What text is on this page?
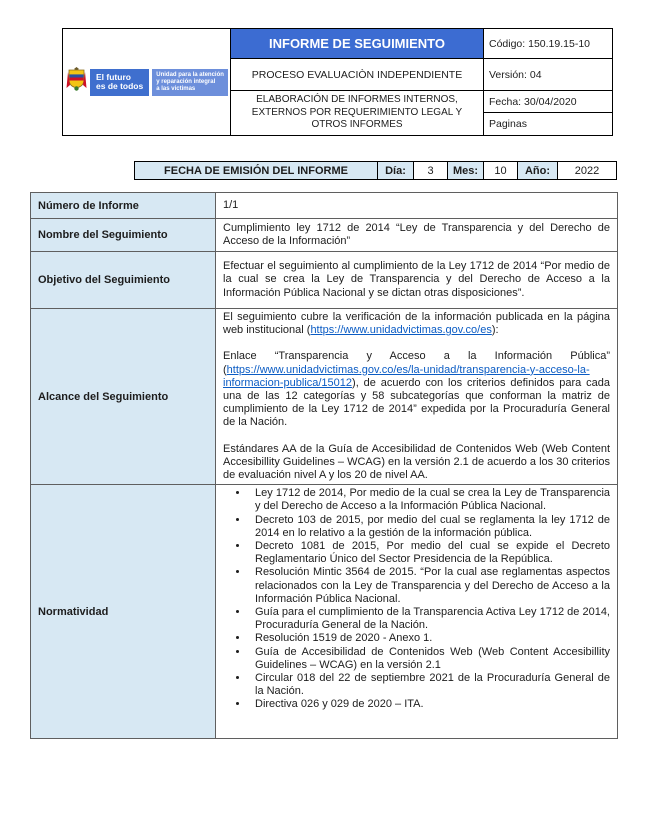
El futuro
es de todos
Unidad para la atención
y reparación integral
a las victimas	INFORME DE SEGUIMIENTO	Código: 150.19.15-10
	PROCESO EVALUACIÒN INDEPENDIENTE	Versión: 04
	ELABORACIÓN DE INFORMES INTERNOS, EXTERNOS POR REQUERIMIENTO LEGAL Y OTROS INFORMES	Fecha: 30/04/2020
		Paginas
FECHA DE EMISIÓN DEL INFORME	Día:	3	Mes:	10	Año:	2022
Número de Informe	1/1
Nombre del Seguimiento	Cumplimiento ley 1712 de 2014 “Ley de Transparencia y del Derecho de Acceso de la Información”
Objetivo del Seguimiento	Efectuar el seguimiento al cumplimiento de la Ley 1712 de 2014 “Por medio de la cual se crea la Ley de Transparencia y del Derecho de Acceso a la Información Pública Nacional y se dictan otras disposiciones”.
Alcance del Seguimiento	El seguimiento cubre la verificación de la información publicada en la página web institucional (https://www.unidadvictimas.gov.co/es):

Enlace “Transparencia y Acceso a la Información Pública” (https://www.unidadvictimas.gov.co/es/la-unidad/transparencia-y-acceso-la-informacion-publica/15012), de acuerdo con los criterios definidos para cada una de las 12 categorías y 58 subcategorías que conforman la matriz de cumplimiento de la Ley 1712 de 2014” expedida por la Procuraduría General de la Nación.

Estándares AA de la Guía de Accesibilidad de Contenidos Web (Web Content Accesibillity Guidelines – WCAG) en la versión 2.1 de acuerdo a los 30 criterios de evaluación nivel A y los 20 de nivel AA.

Normatividad	
• Ley 1712 de 2014, Por medio de la cual se crea la Ley de Transparencia y del Derecho de Acceso a la Información Pública Nacional.
• Decreto 103 de 2015, por medio del cual se reglamenta la ley 1712 de 2014 en lo relativo a la gestión de la información pública.
• Decreto 1081 de 2015, Por medio del cual se expide el Decreto Reglamentario Único del Sector Presidencia de la República.
• Resolución Mintic 3564 de 2015. “Por la cual ase reglamentas aspectos relacionados con la Ley de Transparencia y del Derecho de Acceso a la Información Pública Nacional.
• Guía para el cumplimiento de la Transparencia Activa Ley 1712 de 2014, Procuraduría General de la Nación.
• Resolución 1519 de 2020 - Anexo 1.
• Guía de Accesibilidad de Contenidos Web (Web Content Accesibillity Guidelines – WCAG) en la versión 2.1
• Circular 018 del 22 de septiembre 2021 de la Procuraduría General de la Nación.
• Directiva 026 y 029 de 2020 – ITA.
